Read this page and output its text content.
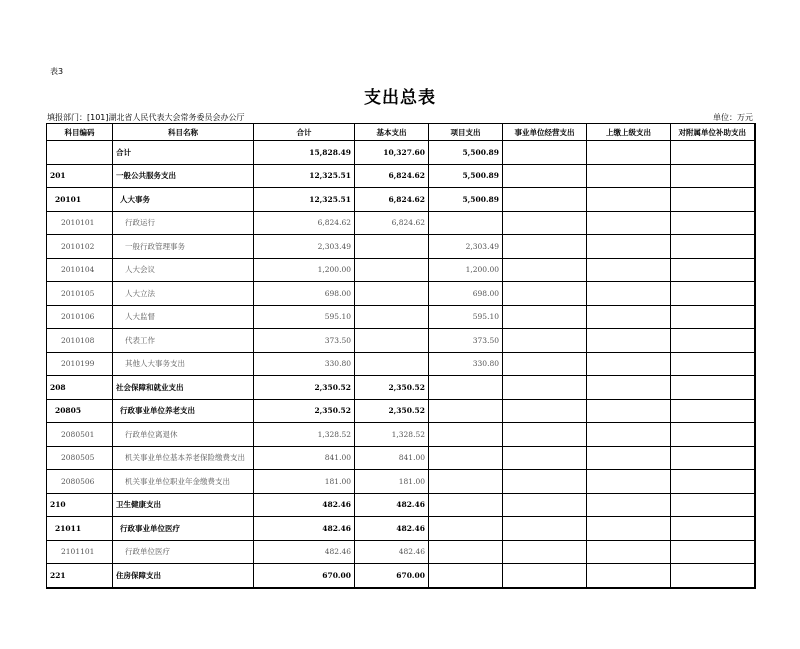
表3
支出总表
填报部门：[101]湖北省人民代表大会常务委员会办公厅	单位：万元
科目编码	科目名称	合计	基本支出	项目支出	事业单位经营支出	上缴上级支出	对附属单位补助支出
	合计	15,828.49	10,327.60	5,500.89			
201	一般公共服务支出	12,325.51	6,824.62	5,500.89			
20101	人大事务	12,325.51	6,824.62	5,500.89			
2010101	行政运行	6,824.62	6,824.62				
2010102	一般行政管理事务	2,303.49		2,303.49			
2010104	人大会议	1,200.00		1,200.00			
2010105	人大立法	698.00		698.00			
2010106	人大监督	595.10		595.10			
2010108	代表工作	373.50		373.50			
2010199	其他人大事务支出	330.80		330.80			
208	社会保障和就业支出	2,350.52	2,350.52				
20805	行政事业单位养老支出	2,350.52	2,350.52				
2080501	行政单位离退休	1,328.52	1,328.52				
2080505	机关事业单位基本养老保险缴费支出	841.00	841.00				
2080506	机关事业单位职业年金缴费支出	181.00	181.00				
210	卫生健康支出	482.46	482.46				
21011	行政事业单位医疗	482.46	482.46				
2101101	行政单位医疗	482.46	482.46				
221	住房保障支出	670.00	670.00				
